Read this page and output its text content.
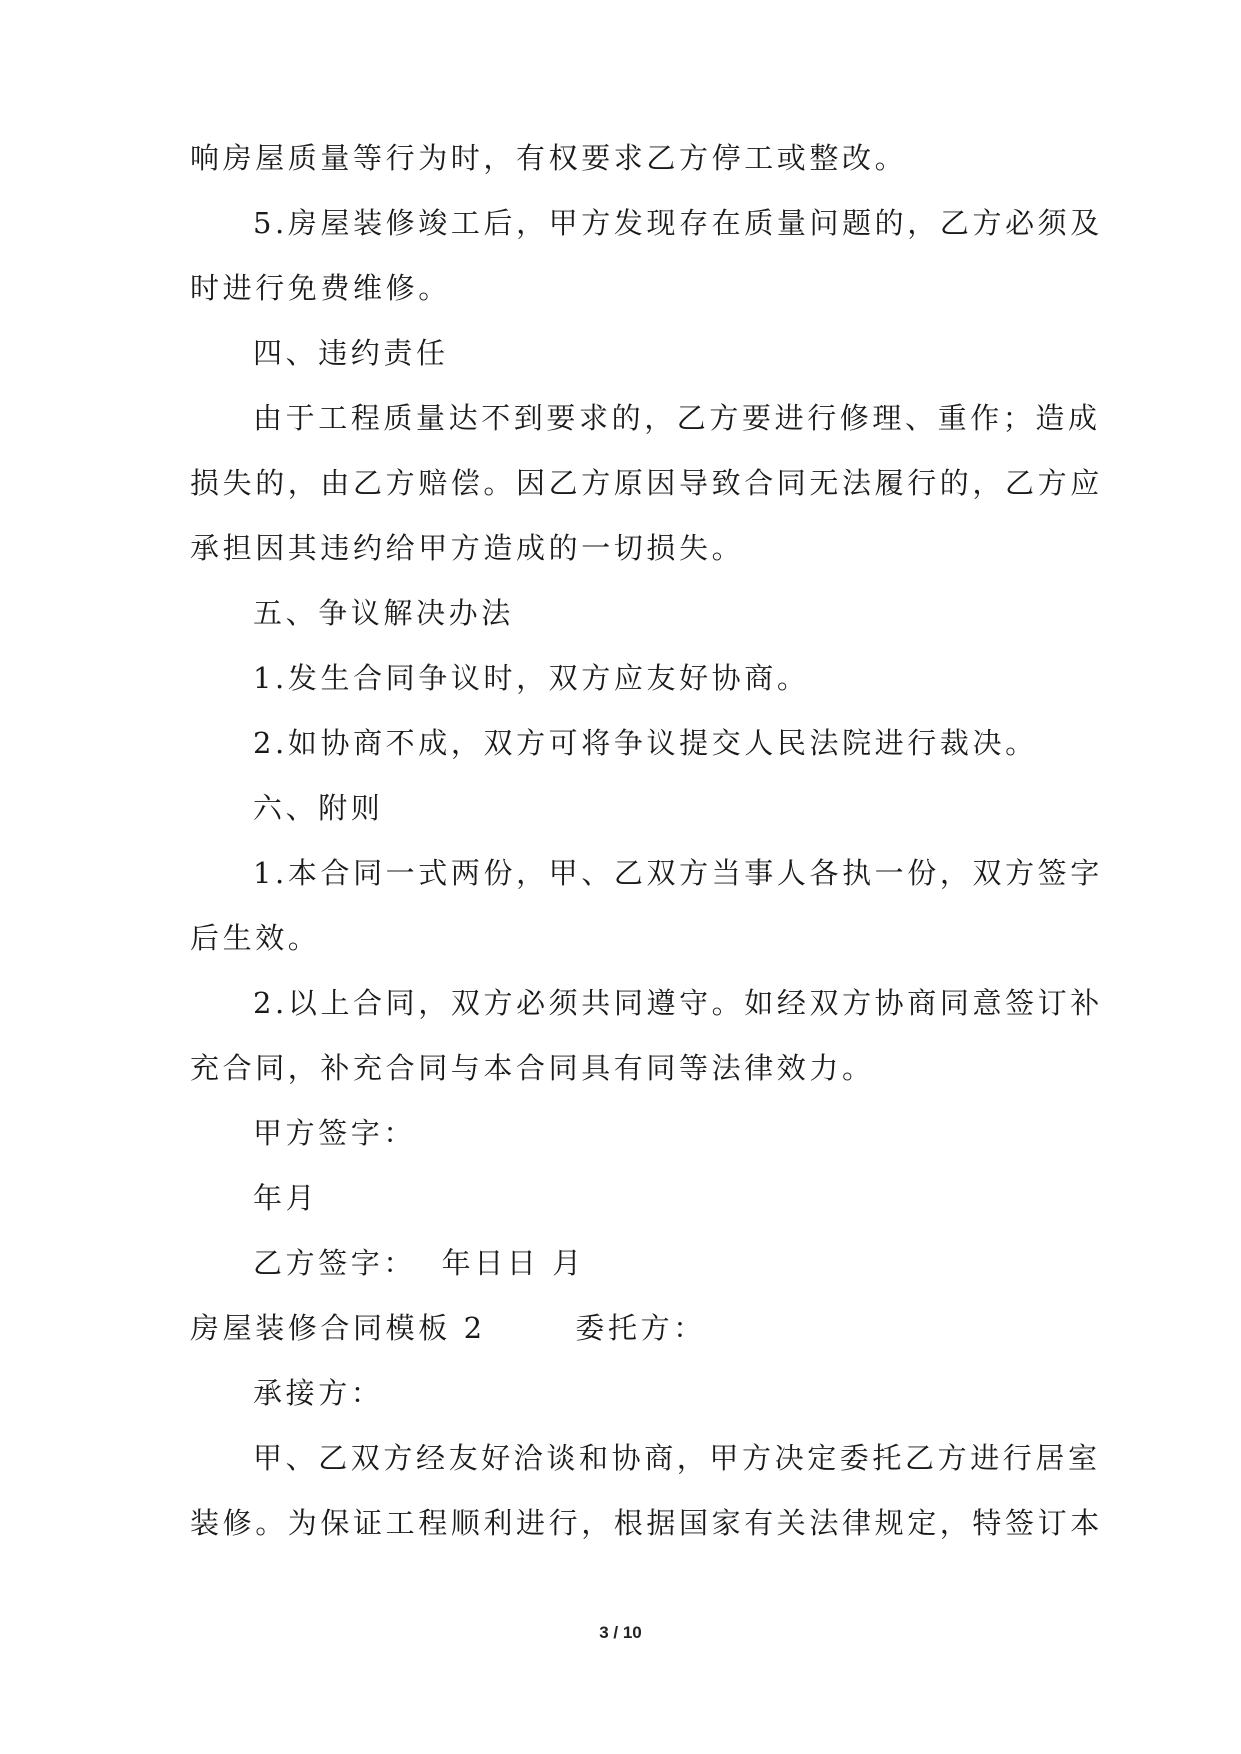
响房屋质量等行为时，有权要求乙方停工或整改。
5.房屋装修竣工后，甲方发现存在质量问题的，乙方必须及
时进行免费维修。
四、违约责任
由于工程质量达不到要求的，乙方要进行修理、重作；造成
损失的，由乙方赔偿。因乙方原因导致合同无法履行的，乙方应
承担因其违约给甲方造成的一切损失。
五、争议解决办法
1.发生合同争议时，双方应友好协商。
2.如协商不成，双方可将争议提交人民法院进行裁决。
六、附则
1.本合同一式两份，甲、乙双方当事人各执一份，双方签字
后生效。
2.以上合同，双方必须共同遵守。如经双方协商同意签订补
充合同，补充合同与本合同具有同等法律效力。
甲方签字：
年月
乙方签字：  年日日 月
房屋装修合同模板 2       委托方：
承接方：
甲、乙双方经友好洽谈和协商，甲方决定委托乙方进行居室
装修。为保证工程顺利进行，根据国家有关法律规定，特签订本
3 / 10
